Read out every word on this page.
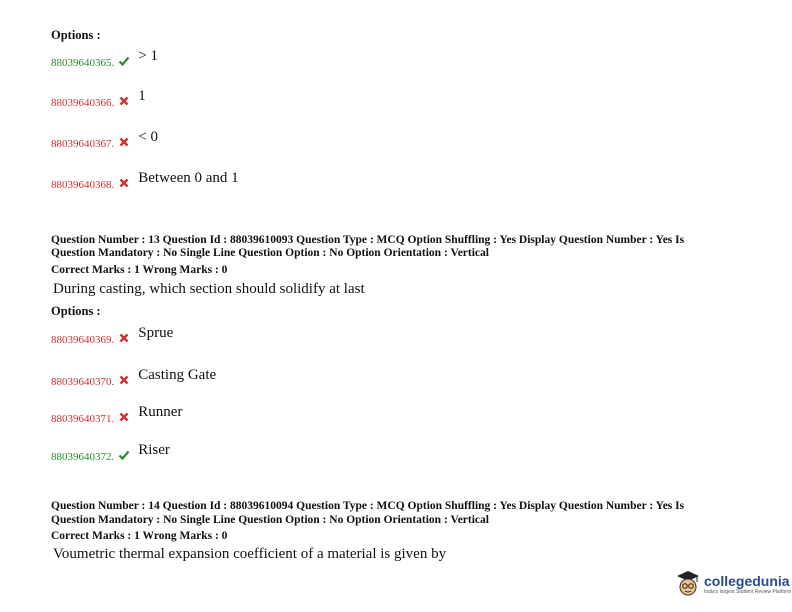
Options :
88039640365. > 1
88039640366. 1
88039640367. < 0
88039640368. Between 0 and 1
Question Number : 13 Question Id : 88039610093 Question Type : MCQ Option Shuffling : Yes Display Question Number : Yes Is
Question Mandatory : No Single Line Question Option : No Option Orientation : Vertical
Correct Marks : 1 Wrong Marks : 0
During casting, which section should solidify at last
Options :
88039640369. Sprue
88039640370. Casting Gate
88039640371. Runner
88039640372. Riser
Question Number : 14 Question Id : 88039610094 Question Type : MCQ Option Shuffling : Yes Display Question Number : Yes Is
Question Mandatory : No Single Line Question Option : No Option Orientation : Vertical
Correct Marks : 1 Wrong Marks : 0
Voumetric thermal expansion coefficient of a material is given by
collegedunia
India's largest Student Review Platform
